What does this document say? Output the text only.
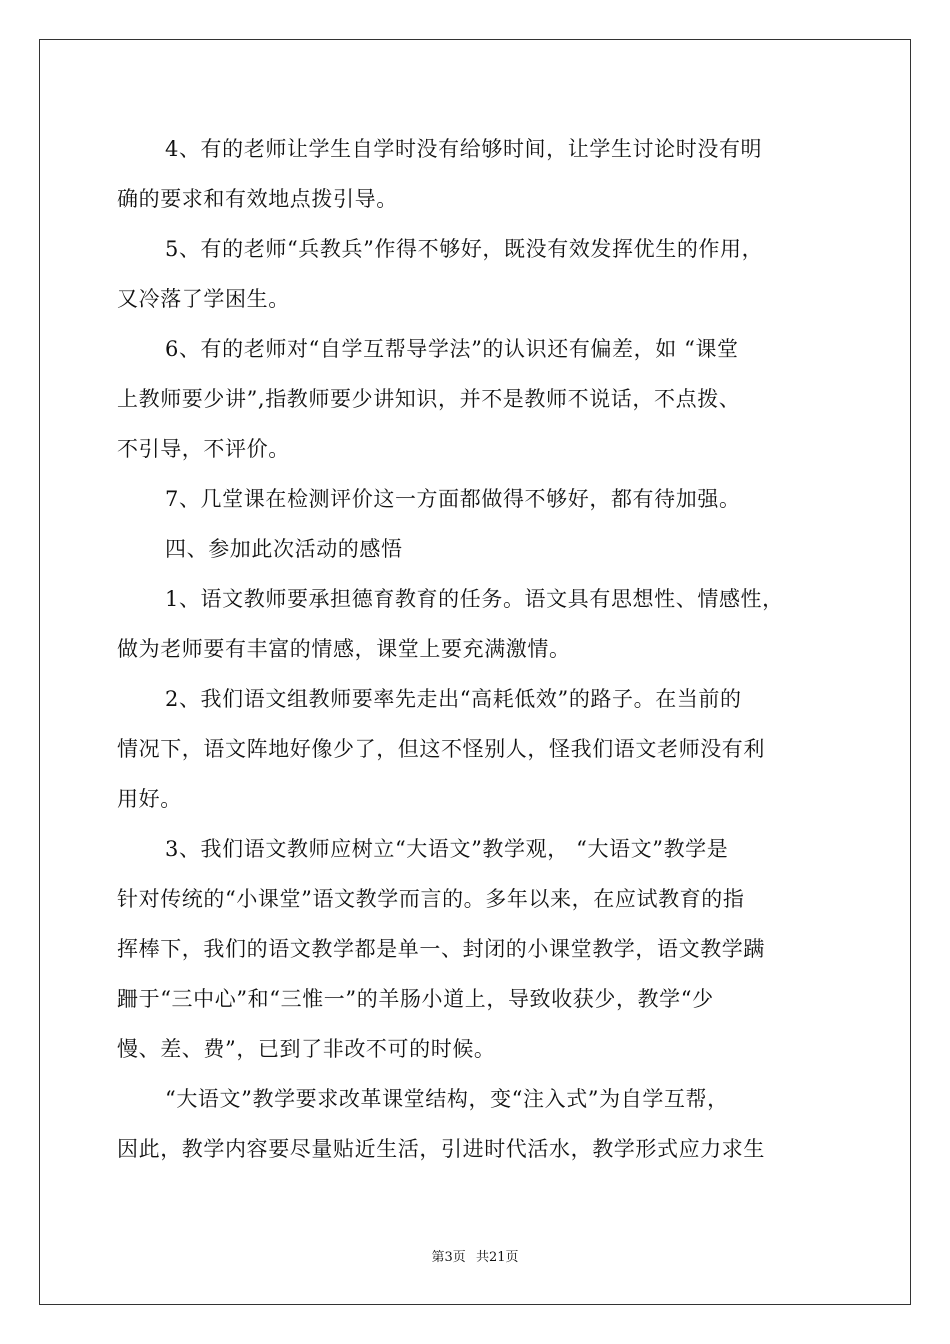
4、有的老师让学生自学时没有给够时间，让学生讨论时没有明
确的要求和有效地点拨引导。

5、有的老师“兵教兵”作得不够好，既没有效发挥优生的作用，
又冷落了学困生。

6、有的老师对“自学互帮导学法”的认识还有偏差，如 “课堂
上教师要少讲”,指教师要少讲知识，并不是教师不说话，不点拨、
不引导，不评价。

7、几堂课在检测评价这一方面都做得不够好，都有待加强。

四、参加此次活动的感悟

1、语文教师要承担德育教育的任务。语文具有思想性、情感性，
做为老师要有丰富的情感，课堂上要充满激情。

2、我们语文组教师要率先走出“高耗低效”的路子。在当前的
情况下，语文阵地好像少了，但这不怪别人，怪我们语文老师没有利
用好。

3、我们语文教师应树立“大语文”教学观， “大语文”教学是
针对传统的“小课堂”语文教学而言的。多年以来，在应试教育的指
挥棒下，我们的语文教学都是单一、封闭的小课堂教学，语文教学蹒
跚于“三中心”和“三惟一”的羊肠小道上，导致收获少，教学“少
慢、差、费”，已到了非改不可的时候。

“大语文”教学要求改革课堂结构，变“注入式”为自学互帮，
因此，教学内容要尽量贴近生活，引进时代活水，教学形式应力求生

第3页 共21页
